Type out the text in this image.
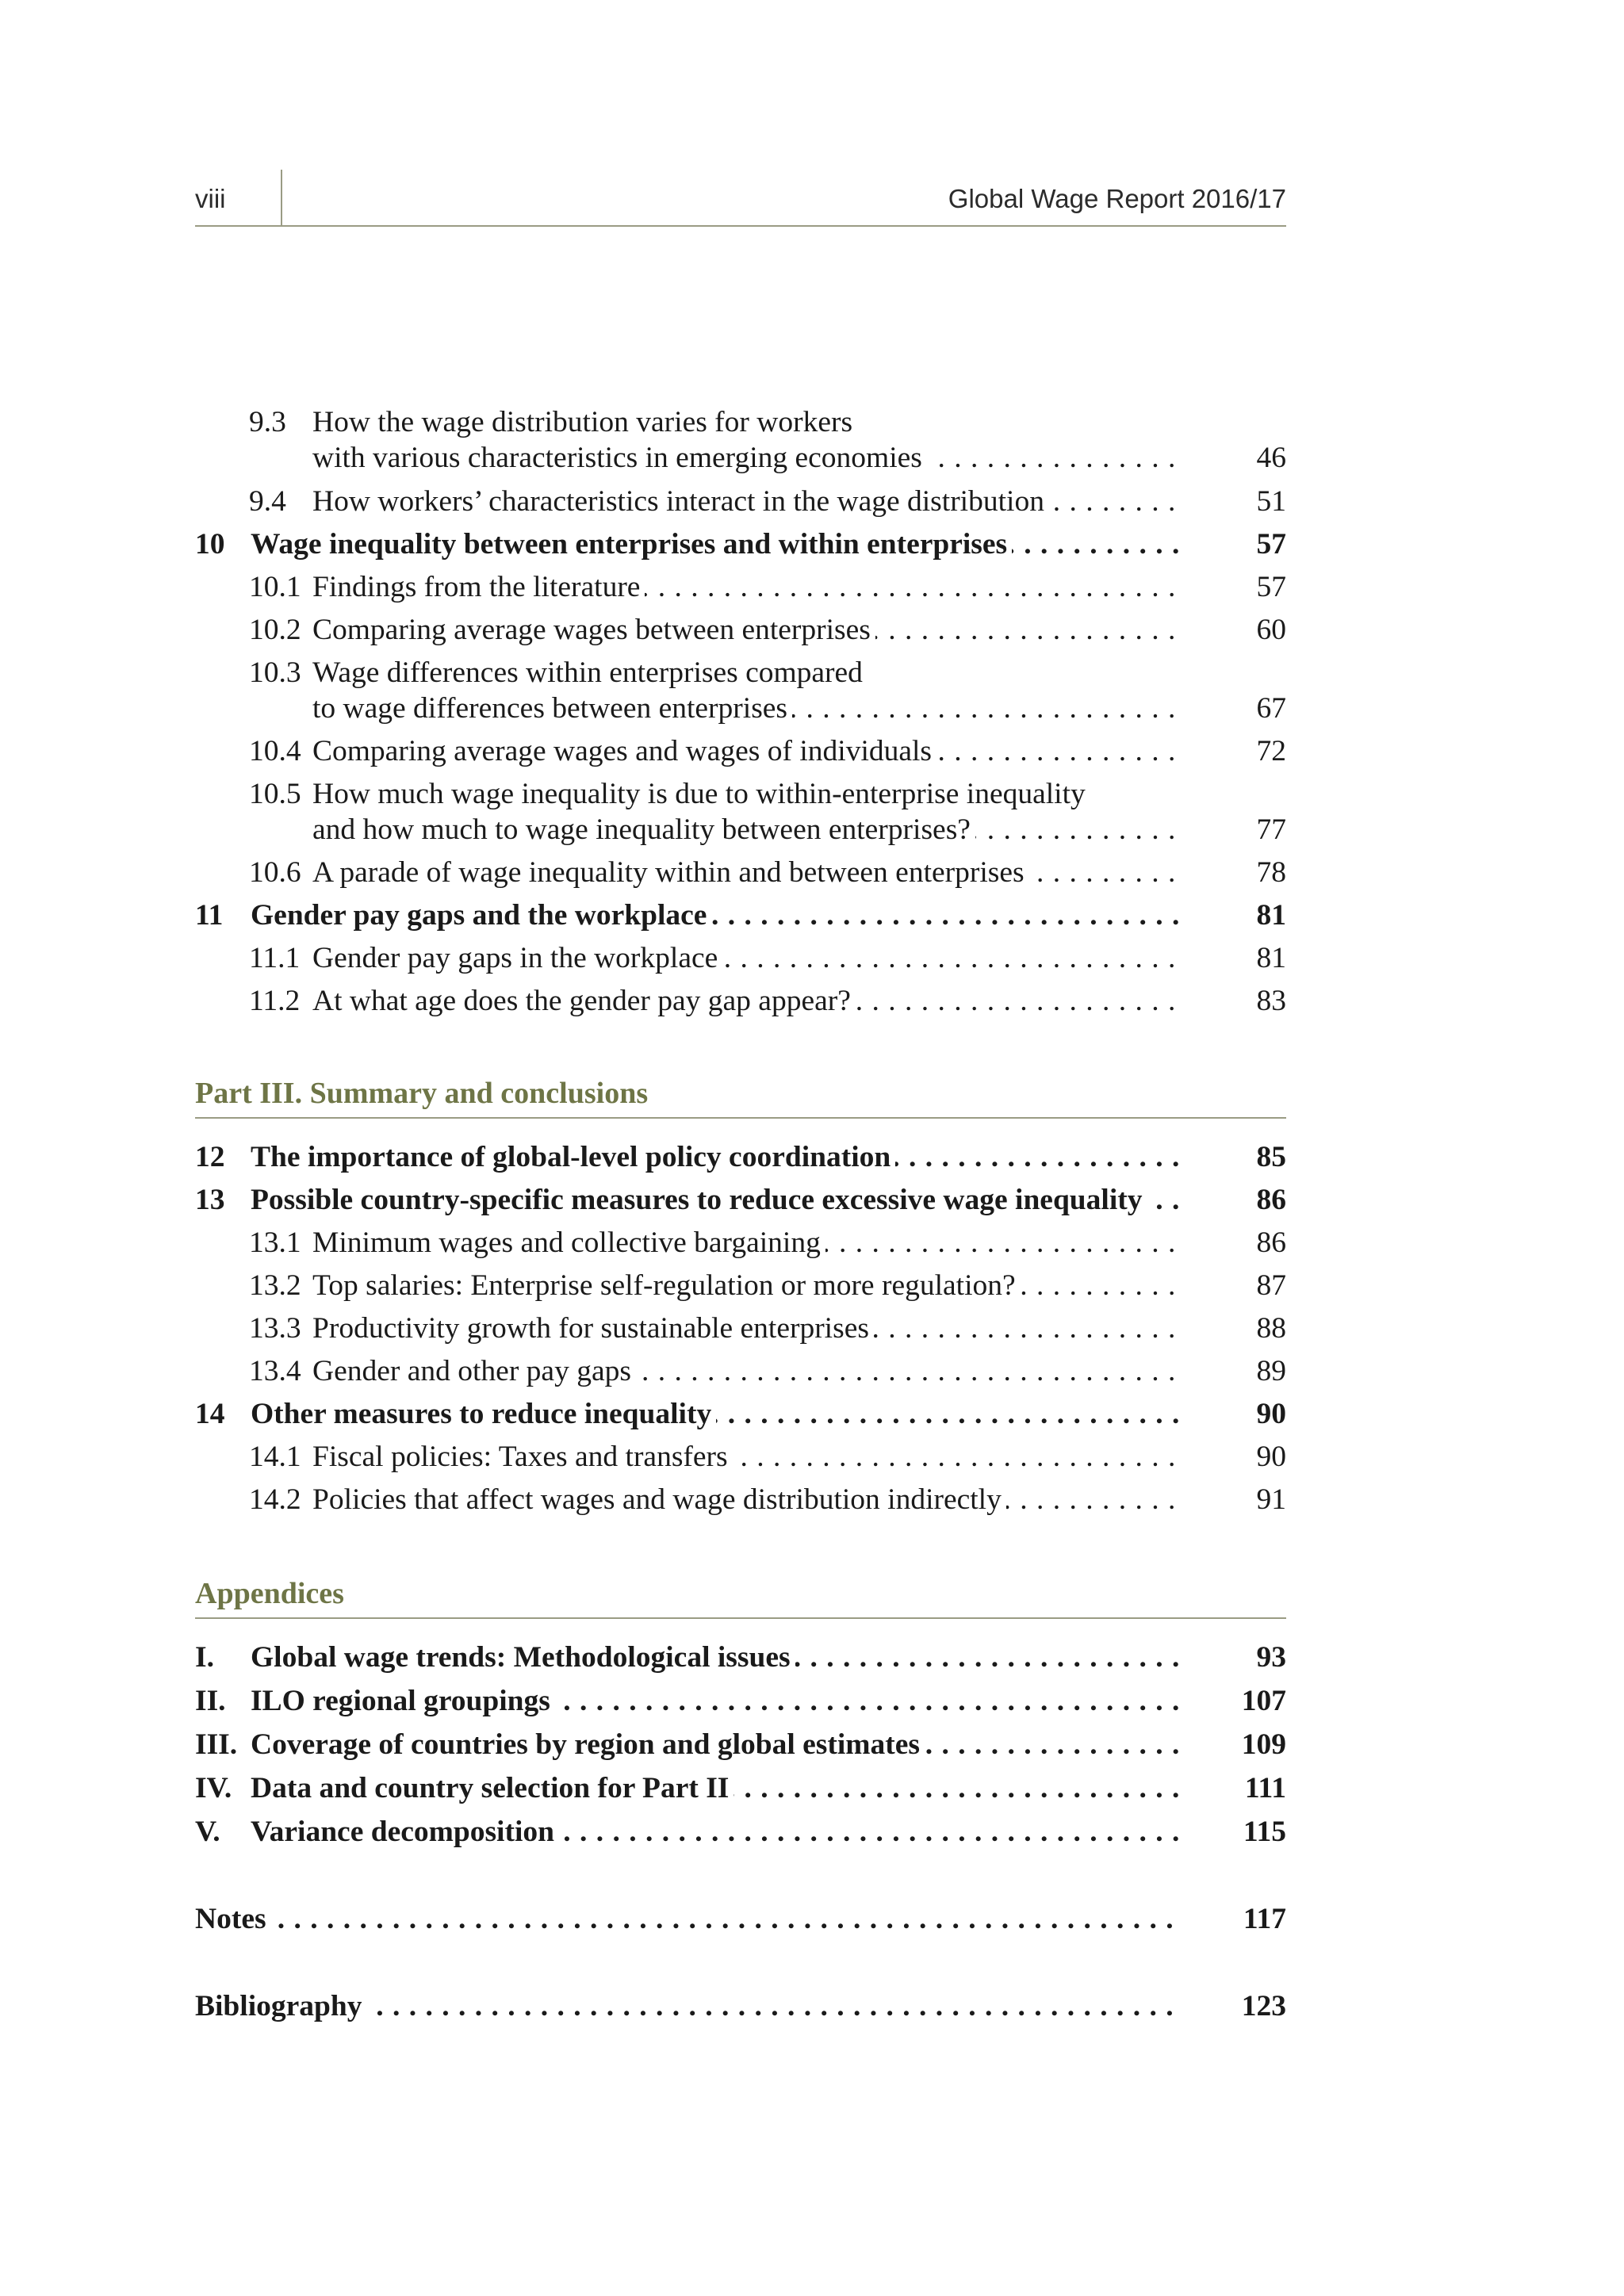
viii	Global Wage Report 2016/17
9.3 How the wage distribution varies for workers
with various characteristics in emerging economies . . .	46
9.4 How workers’ characteristics interact in the wage distribution . . .	51
10 Wage inequality between enterprises and within enterprises . . .	57
10.1 Findings from the literature . . .	57
10.2 Comparing average wages between enterprises . . .	60
10.3 Wage differences within enterprises compared
to wage differences between enterprises . . .	67
10.4 Comparing average wages and wages of individuals . . .	72
10.5 How much wage inequality is due to within-enterprise inequality
and how much to wage inequality between enterprises? . . .	77
10.6 A parade of wage inequality within and between enterprises . . .	78
11 Gender pay gaps and the workplace . . .	81
11.1 Gender pay gaps in the workplace . . .	81
11.2 At what age does the gender pay gap appear? . . .	83
Part III. Summary and conclusions
12 The importance of global-level policy coordination . . .	85
13 Possible country-specific measures to reduce excessive wage inequality . . .	86
13.1 Minimum wages and collective bargaining . . .	86
13.2 Top salaries: Enterprise self-regulation or more regulation? . . .	87
13.3 Productivity growth for sustainable enterprises . . .	88
13.4 Gender and other pay gaps . . .	89
14 Other measures to reduce inequality . . .	90
14.1 Fiscal policies: Taxes and transfers . . .	90
14.2 Policies that affect wages and wage distribution indirectly . . .	91
Appendices
I. Global wage trends: Methodological issues . . .	93
II. ILO regional groupings . . .	107
III. Coverage of countries by region and global estimates . . .	109
IV. Data and country selection for Part II . . .	111
V. Variance decomposition . . .	115
Notes . . .	117
Bibliography . . .	123
